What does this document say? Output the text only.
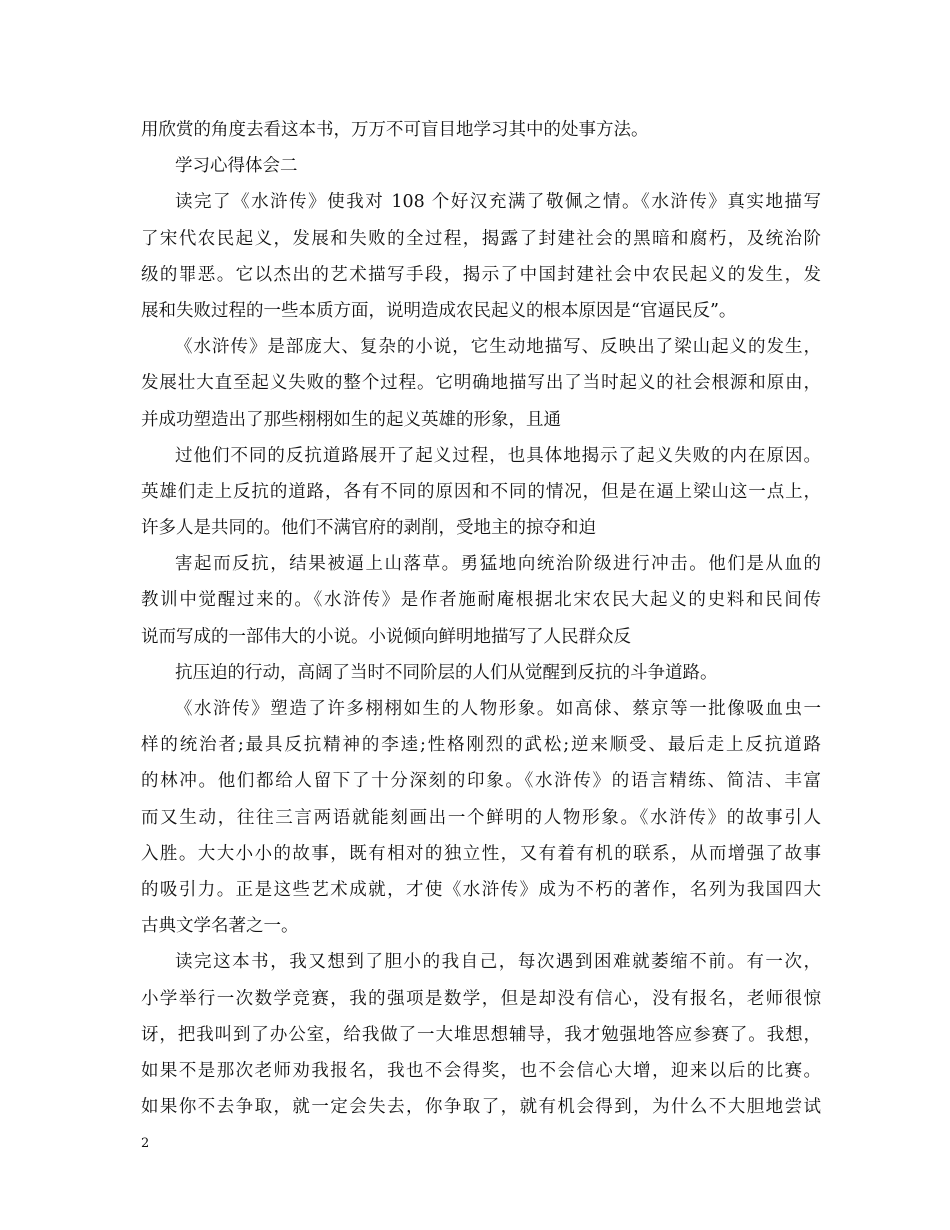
用欣赏的角度去看这本书，万万不可盲目地学习其中的处事方法。
学习心得体会二
读完了《水浒传》使我对 108 个好汉充满了敬佩之情。《水浒传》真实地描写
了宋代农民起义，发展和失败的全过程，揭露了封建社会的黑暗和腐朽，及统治阶
级的罪恶。它以杰出的艺术描写手段，揭示了中国封建社会中农民起义的发生，发
展和失败过程的一些本质方面，说明造成农民起义的根本原因是“官逼民反”。
《水浒传》是部庞大、复杂的小说，它生动地描写、反映出了梁山起义的发生，
发展壮大直至起义失败的整个过程。它明确地描写出了当时起义的社会根源和原由，
并成功塑造出了那些栩栩如生的起义英雄的形象，且通
过他们不同的反抗道路展开了起义过程，也具体地揭示了起义失败的内在原因。
英雄们走上反抗的道路，各有不同的原因和不同的情况，但是在逼上梁山这一点上，
许多人是共同的。他们不满官府的剥削，受地主的掠夺和迫
害起而反抗，结果被逼上山落草。勇猛地向统治阶级进行冲击。他们是从血的
教训中觉醒过来的。《水浒传》是作者施耐庵根据北宋农民大起义的史料和民间传
说而写成的一部伟大的小说。小说倾向鲜明地描写了人民群众反
抗压迫的行动，高阔了当时不同阶层的人们从觉醒到反抗的斗争道路。
《水浒传》塑造了许多栩栩如生的人物形象。如高俅、蔡京等一批像吸血虫一
样的统治者;最具反抗精神的李逵;性格刚烈的武松;逆来顺受、最后走上反抗道路
的林冲。他们都给人留下了十分深刻的印象。《水浒传》的语言精练、简洁、丰富
而又生动，往往三言两语就能刻画出一个鲜明的人物形象。《水浒传》的故事引人
入胜。大大小小的故事，既有相对的独立性，又有着有机的联系，从而增强了故事
的吸引力。正是这些艺术成就，才使《水浒传》成为不朽的著作，名列为我国四大
古典文学名著之一。
读完这本书，我又想到了胆小的我自己，每次遇到困难就萎缩不前。有一次，
小学举行一次数学竞赛，我的强项是数学，但是却没有信心，没有报名，老师很惊
讶，把我叫到了办公室，给我做了一大堆思想辅导，我才勉强地答应参赛了。我想，
如果不是那次老师劝我报名，我也不会得奖，也不会信心大增，迎来以后的比赛。
如果你不去争取，就一定会失去，你争取了，就有机会得到，为什么不大胆地尝试
2
